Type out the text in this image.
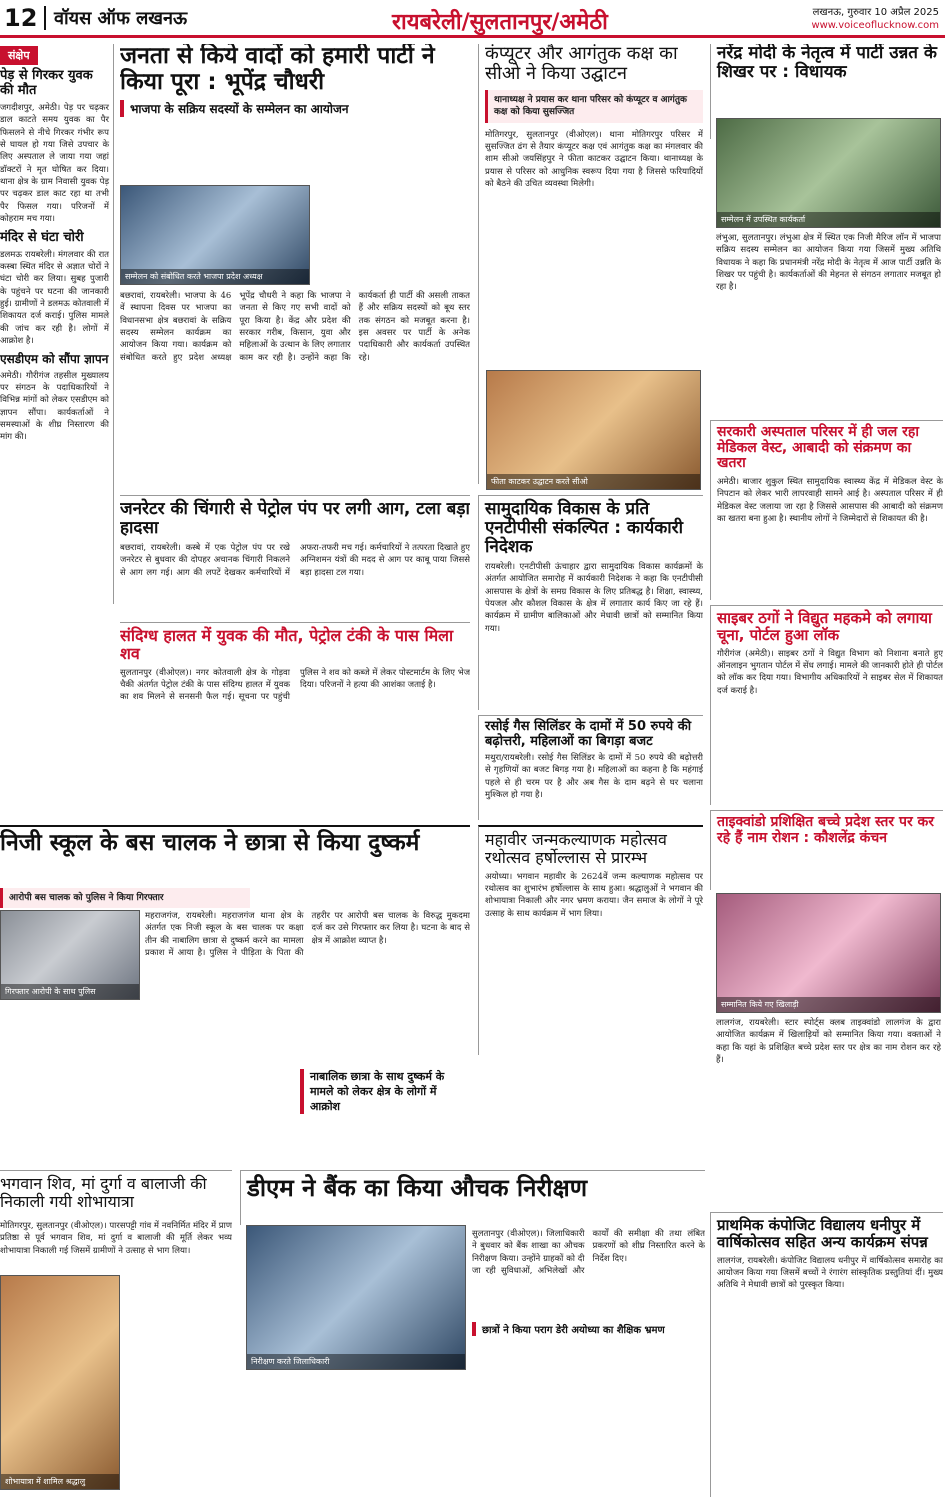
12 वॉयस ऑफ लखनऊ	रायबरेली/सुलतानपुर/अमेठी	लखनऊ, गुरुवार 10 अप्रैल 2025
www.voiceoflucknow.com
संक्षेप
पेड़ से गिरकर युवक की मौत
जगदीशपुर, अमेठी। पेड़ पर चढ़कर डाल काटते समय युवक का पैर फिसलने से नीचे गिरकर गंभीर रूप से घायल हो गया जिसे उपचार के लिए अस्पताल ले जाया गया जहां डॉक्टरों ने मृत घोषित कर दिया। थाना क्षेत्र के ग्राम निवासी युवक पेड़ पर चढ़कर डाल काट रहा था तभी पैर फिसल गया। परिजनों में कोहराम मच गया।
मंदिर से घंटा चोरी
डलमऊ रायबरेली। मंगलवार की रात कस्बा स्थित मंदिर से अज्ञात चोरों ने घंटा चोरी कर लिया। सुबह पुजारी के पहुंचने पर घटना की जानकारी हुई। ग्रामीणों ने डलमऊ कोतवाली में शिकायत दर्ज कराई। पुलिस मामले की जांच कर रही है। लोगों में आक्रोश है।
एसडीएम को सौंपा ज्ञापन
अमेठी। गौरीगंज तहसील मुख्यालय पर संगठन के पदाधिकारियों ने विभिन्न मांगों को लेकर एसडीएम को ज्ञापन सौंपा। कार्यकर्ताओं ने समस्याओं के शीघ्र निस्तारण की मांग की।
जनता से किये वादों को हमारी पार्टी ने किया पूरा : भूपेंद्र चौधरी
भाजपा के सक्रिय सदस्यों के सम्मेलन का आयोजन
सम्मेलन को संबोधित करते भाजपा प्रदेश अध्यक्ष
बछरावां, रायबरेली। भाजपा के 46 वें स्थापना दिवस पर भाजपा का विधानसभा क्षेत्र बछरावां के सक्रिय सदस्य सम्मेलन कार्यक्रम का आयोजन किया गया। कार्यक्रम को संबोधित करते हुए प्रदेश अध्यक्ष भूपेंद्र चौधरी ने कहा कि भाजपा ने जनता से किए गए सभी वादों को पूरा किया है। केंद्र और प्रदेश की सरकार गरीब, किसान, युवा और महिलाओं के उत्थान के लिए लगातार काम कर रही है। उन्होंने कहा कि कार्यकर्ता ही पार्टी की असली ताकत हैं और सक्रिय सदस्यों को बूथ स्तर तक संगठन को मजबूत करना है। इस अवसर पर पार्टी के अनेक पदाधिकारी और कार्यकर्ता उपस्थित रहे।
कंप्यूटर और आगंतुक कक्ष का सीओ ने किया उद्घाटन
थानाध्यक्ष ने प्रयास कर थाना परिसर को कंप्यूटर व आगंतुक कक्ष को किया सुसज्जित
मोतिगरपुर, सुलतानपुर (वीओएल)। थाना मोतिगरपुर परिसर में सुसज्जित ढंग से तैयार कंप्यूटर कक्ष एवं आगंतुक कक्ष का मंगलवार की शाम सीओ जयसिंहपुर ने फीता काटकर उद्घाटन किया। थानाध्यक्ष के प्रयास से परिसर को आधुनिक स्वरूप दिया गया है जिससे फरियादियों को बैठने की उचित व्यवस्था मिलेगी।
फीता काटकर उद्घाटन करते सीओ
नरेंद्र मोदी के नेतृत्व में पार्टी उन्नत के शिखर पर : विधायक
सम्मेलन में उपस्थित कार्यकर्ता
लंभुआ, सुलतानपुर। लंभुआ क्षेत्र में स्थित एक निजी मैरिज लॉन में भाजपा सक्रिय सदस्य सम्मेलन का आयोजन किया गया जिसमें मुख्य अतिथि विधायक ने कहा कि प्रधानमंत्री नरेंद्र मोदी के नेतृत्व में आज पार्टी उन्नति के शिखर पर पहुंची है। कार्यकर्ताओं की मेहनत से संगठन लगातार मजबूत हो रहा है।
सरकारी अस्पताल परिसर में ही जल रहा मेडिकल वेस्ट, आबादी को संक्रमण का खतरा
अमेठी। बाजार शुकुल स्थित सामुदायिक स्वास्थ्य केंद्र में मेडिकल वेस्ट के निपटान को लेकर भारी लापरवाही सामने आई है। अस्पताल परिसर में ही मेडिकल वेस्ट जलाया जा रहा है जिससे आसपास की आबादी को संक्रमण का खतरा बना हुआ है। स्थानीय लोगों ने जिम्मेदारों से शिकायत की है।
जनरेटर की चिंगारी से पेट्रोल पंप पर लगी आग, टला बड़ा हादसा
बछरावां, रायबरेली। कस्बे में एक पेट्रोल पंप पर रखे जनरेटर से बुधवार की दोपहर अचानक चिंगारी निकलने से आग लग गई। आग की लपटें देखकर कर्मचारियों में अफरा-तफरी मच गई। कर्मचारियों ने तत्परता दिखाते हुए अग्निशमन यंत्रों की मदद से आग पर काबू पाया जिससे बड़ा हादसा टल गया।
संदिग्ध हालत में युवक की मौत, पेट्रोल टंकी के पास मिला शव
सुलतानपुर (वीओएल)। नगर कोतवाली क्षेत्र के गोड़वा चैकी अंतर्गत पेट्रोल टंकी के पास संदिग्ध हालत में युवक का शव मिलने से सनसनी फैल गई। सूचना पर पहुंची पुलिस ने शव को कब्जे में लेकर पोस्टमार्टम के लिए भेज दिया। परिजनों ने हत्या की आशंका जताई है।
सामुदायिक विकास के प्रति एनटीपीसी संकल्पित : कार्यकारी निदेशक
रायबरेली। एनटीपीसी ऊंचाहार द्वारा सामुदायिक विकास कार्यक्रमों के अंतर्गत आयोजित समारोह में कार्यकारी निदेशक ने कहा कि एनटीपीसी आसपास के क्षेत्रों के समग्र विकास के लिए प्रतिबद्ध है। शिक्षा, स्वास्थ्य, पेयजल और कौशल विकास के क्षेत्र में लगातार कार्य किए जा रहे हैं। कार्यक्रम में ग्रामीण बालिकाओं और मेधावी छात्रों को सम्मानित किया गया।
साइबर ठगों ने विद्युत महकमे को लगाया चूना, पोर्टल हुआ लॉक
गौरीगंज (अमेठी)। साइबर ठगों ने विद्युत विभाग को निशाना बनाते हुए ऑनलाइन भुगतान पोर्टल में सेंध लगाई। मामले की जानकारी होते ही पोर्टल को लॉक कर दिया गया। विभागीय अधिकारियों ने साइबर सेल में शिकायत दर्ज कराई है।
रसोई गैस सिलिंडर के दामों में 50 रुपये की बढ़ोत्तरी, महिलाओं का बिगड़ा बजट
मथुरा/रायबरेली। रसोई गैस सिलिंडर के दामों में 50 रुपये की बढ़ोत्तरी से गृहणियों का बजट बिगड़ गया है। महिलाओं का कहना है कि महंगाई पहले से ही चरम पर है और अब गैस के दाम बढ़ने से घर चलाना मुश्किल हो गया है।
निजी स्कूल के बस चालक ने छात्रा से किया दुष्कर्म
आरोपी बस चालक को पुलिस ने किया गिरफ्तार
गिरफ्तार आरोपी के साथ पुलिस
महराजगंज, रायबरेली। महराजगंज थाना क्षेत्र के अंतर्गत एक निजी स्कूल के बस चालक पर कक्षा तीन की नाबालिग छात्रा से दुष्कर्म करने का मामला प्रकाश में आया है। पुलिस ने पीड़िता के पिता की तहरीर पर आरोपी बस चालक के विरुद्ध मुकदमा दर्ज कर उसे गिरफ्तार कर लिया है। घटना के बाद से क्षेत्र में आक्रोश व्याप्त है।
नाबालिक छात्रा के साथ दुष्कर्म के मामले को लेकर क्षेत्र के लोगों में आक्रोश
महावीर जन्मकल्याणक महोत्सव रथोत्सव हर्षोल्लास से प्रारम्भ
अयोध्या। भगवान महावीर के 2624वें जन्म कल्याणक महोत्सव पर रथोत्सव का शुभारंभ हर्षोल्लास के साथ हुआ। श्रद्धालुओं ने भगवान की शोभायात्रा निकाली और नगर भ्रमण कराया। जैन समाज के लोगों ने पूरे उत्साह के साथ कार्यक्रम में भाग लिया।
ताइक्वांडो प्रशिक्षित बच्चे प्रदेश स्तर पर कर रहे हैं नाम रोशन : कौशलेंद्र कंचन
सम्मानित किये गए खिलाड़ी
लालगंज, रायबरेली। स्टार स्पोर्ट्स क्लब ताइक्वांडो लालगंज के द्वारा आयोजित कार्यक्रम में खिलाड़ियों को सम्मानित किया गया। वक्ताओं ने कहा कि यहां के प्रशिक्षित बच्चे प्रदेश स्तर पर क्षेत्र का नाम रोशन कर रहे हैं।
भगवान शिव, मां दुर्गा व बालाजी की निकाली गयी शोभायात्रा
मोतिगरपुर, सुलतानपुर (वीओएल)। पारसपट्टी गांव में नवनिर्मित मंदिर में प्राण प्रतिष्ठा से पूर्व भगवान शिव, मां दुर्गा व बालाजी की मूर्ति लेकर भव्य शोभायात्रा निकाली गई जिसमें ग्रामीणों ने उत्साह से भाग लिया।
शोभायात्रा में शामिल श्रद्धालु
डीएम ने बैंक का किया औचक निरीक्षण
निरीक्षण करते जिलाधिकारी
सुलतानपुर (वीओएल)। जिलाधिकारी ने बुधवार को बैंक शाखा का औचक निरीक्षण किया। उन्होंने ग्राहकों को दी जा रही सुविधाओं, अभिलेखों और कार्यों की समीक्षा की तथा लंबित प्रकरणों को शीघ्र निस्तारित करने के निर्देश दिए।
छात्रों ने किया पराग डेरी अयोध्या का शैक्षिक भ्रमण
प्राथमिक कंपोजिट विद्यालय धनीपुर में वार्षिकोत्सव सहित अन्य कार्यक्रम संपन्न
लालगंज, रायबरेली। कंपोजिट विद्यालय धनीपुर में वार्षिकोत्सव समारोह का आयोजन किया गया जिसमें बच्चों ने रंगारंग सांस्कृतिक प्रस्तुतियां दीं। मुख्य अतिथि ने मेधावी छात्रों को पुरस्कृत किया।
